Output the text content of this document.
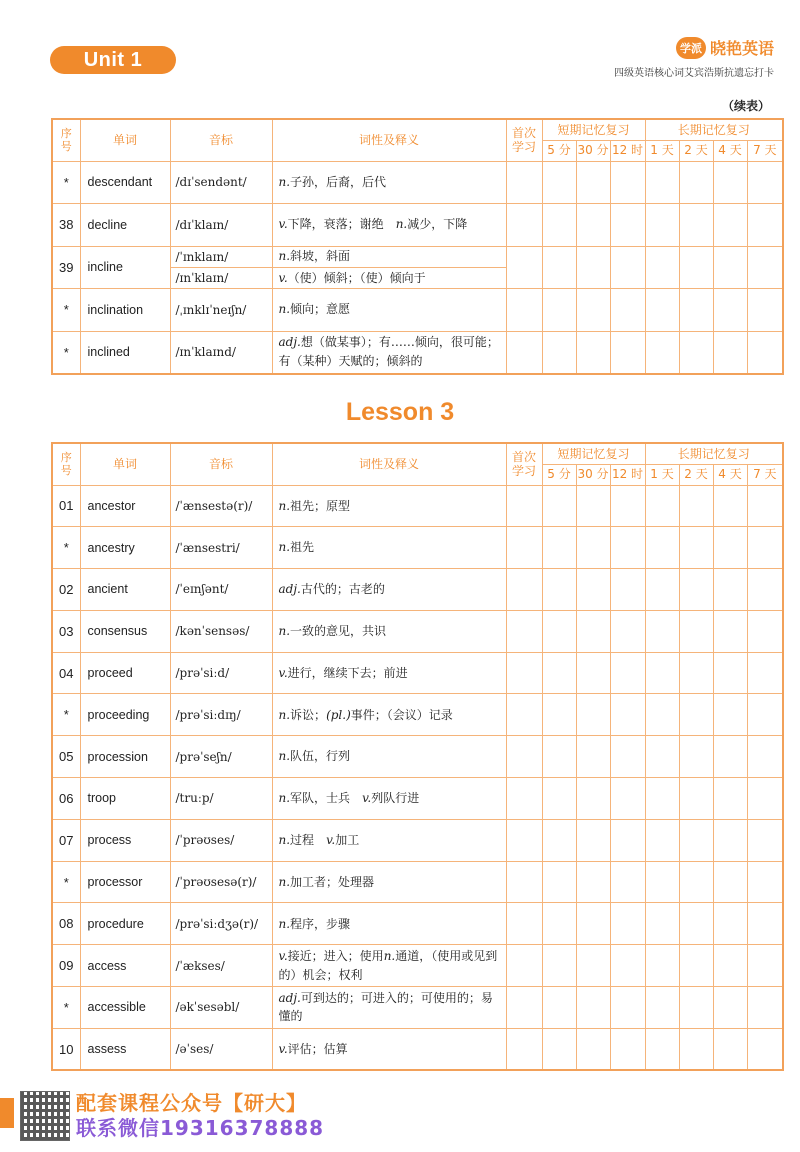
Unit 1
学派 晓艳英语
四级英语核心词艾宾浩斯抗遗忘打卡
（续表）
序
号	单词	音标	词性及释义	首次
学习	短期记忆复习			长期记忆复习			
					5 分	30 分	12 时	1 天	2 天	4 天	7 天
*	descendant	/dɪˈsendənt/	n.子孙，后裔，后代								
38	decline	/dɪˈklaɪn/	v.下降，衰落；谢绝　n.减少，下降								
39	incline	/ˈɪnklaɪn/	n.斜坡，斜面								
		/ɪnˈklaɪn/	v.（使）倾斜；（使）倾向于								
*	inclination	/ˌɪnklɪˈneɪʃn/	n.倾向；意愿								
*	inclined	/ɪnˈklaɪnd/	adj.想（做某事）；有……倾向，很可能；有（某种）天赋的；倾斜的								
Lesson 3
序
号	单词	音标	词性及释义	首次
学习	短期记忆复习			长期记忆复习			
					5 分	30 分	12 时	1 天	2 天	4 天	7 天
01	ancestor	/ˈænsestə(r)/	n.祖先；原型								
*	ancestry	/ˈænsestri/	n.祖先								
02	ancient	/ˈeɪnʃənt/	adj.古代的；古老的								
03	consensus	/kənˈsensəs/	n.一致的意见，共识								
04	proceed	/prəˈsiːd/	v.进行，继续下去；前进								
*	proceeding	/prəˈsiːdɪŋ/	n.诉讼；(pl.)事件；（会议）记录								
05	procession	/prəˈseʃn/	n.队伍，行列								
06	troop	/truːp/	n.军队，士兵　v.列队行进								
07	process	/ˈprəʊses/	n.过程　v.加工								
*	processor	/ˈprəʊsesə(r)/	n.加工者；处理器								
08	procedure	/prəˈsiːdʒə(r)/	n.程序，步骤								
09	access	/ˈækses/	v.接近；进入；使用n.通道，（使用或见到的）机会；权利								
*	accessible	/əkˈsesəbl/	adj.可到达的；可进入的；可使用的；易懂的								
10	assess	/əˈses/	v.评估；估算								
配套课程公众号【研大】
联系微信19316378888
